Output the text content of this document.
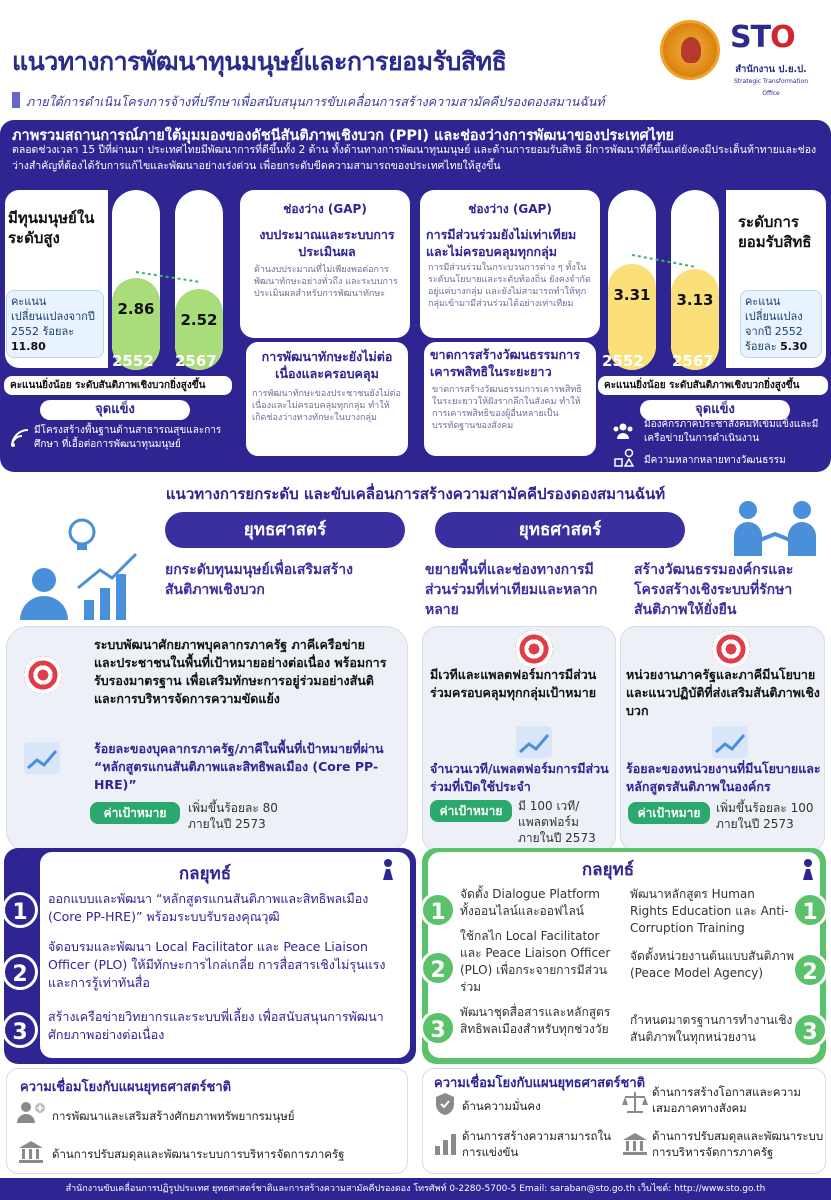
แนวทางการพัฒนาทุนมนุษย์และการยอมรับสิทธิ
ภายใต้การดำเนินโครงการจ้างที่ปรึกษาเพื่อสนับสนุนการขับเคลื่อนการสร้างความสามัคคีปรองดองสมานฉันท์
STO
สำนักงาน ป.ย.ป.
Strategic Transformation Office
ภาพรวมสถานการณ์ภายใต้มุมมองของดัชนีสันติภาพเชิงบวก (PPI) และช่องว่างการพัฒนาของประเทศไทย
ตลอดช่วงเวลา 15 ปีที่ผ่านมา ประเทศไทยมีพัฒนาการที่ดีขึ้นทั้ง 2 ด้าน ทั้งด้านทางการพัฒนาทุนมนุษย์ และด้านการยอมรับสิทธิ มีการพัฒนาที่ดีขึ้นแต่ยังคงมีประเด็นท้าทายและช่องว่างสำคัญที่ต้องได้รับการแก้ไขและพัฒนาอย่างเร่งด่วน เพื่อยกระดับขีดความสามารถของประเทศไทยให้สูงขึ้น
มีทุนมนุษย์ในระดับสูง
คะแนนเปลี่ยนแปลงจากปี 2552 ร้อยละ 11.80
2.86
2.52
2552 2567
คะแนนยิ่งน้อย ระดับสันติภาพเชิงบวกยิ่งสูงขึ้น
จุดแข็ง
มีโครงสร้างพื้นฐานด้านสาธารณสุขและการศึกษา ที่เอื้อต่อการพัฒนาทุนมนุษย์
ช่องว่าง (GAP)
งบประมาณและระบบการประเมินผล
ด้านงบประมาณที่ไม่เพียงพอต่อการพัฒนาทักษะอย่างทั่วถึง และระบบการประเมินผลสำหรับการพัฒนาทักษะ
การพัฒนาทักษะยังไม่ต่อเนื่องและครอบคลุม
การพัฒนาทักษะของประชาชนยังไม่ต่อเนื่องและไม่ครอบคลุมทุกกลุ่ม ทำให้เกิดช่องว่างทางทักษะในบางกลุ่ม
ช่องว่าง (GAP)
การมีส่วนร่วมยังไม่เท่าเทียมและไม่ครอบคลุมทุกกลุ่ม
การมีส่วนร่วมในกระบวนการต่าง ๆ ทั้งในระดับนโยบายและระดับท้องถิ่น ยังคงจำกัดอยู่แค่บางกลุ่ม และยังไม่สามารถทำให้ทุกกลุ่มเข้ามามีส่วนร่วมได้อย่างเท่าเทียม
ขาดการสร้างวัฒนธรรมการเคารพสิทธิในระยะยาว
ขาดการสร้างวัฒนธรรมการเคารพสิทธิในระยะยาวให้ฝังรากลึกในสังคม ทำให้การเคารพสิทธิของผู้อื่นหลายเป็นบรรทัดฐานของสังคม
3.31	3.13
2552 2567
ระดับการยอมรับสิทธิ
คะแนนเปลี่ยนแปลงจากปี 2552 ร้อยละ 5.30
คะแนนยิ่งน้อย ระดับสันติภาพเชิงบวกยิ่งสูงขึ้น
จุดแข็ง
มีองค์กรภาคประชาสังคมที่เข้มแข็งและมีเครือข่ายในการดำเนินงาน
มีความหลากหลายทางวัฒนธรรม
แนวทางการยกระดับ และขับเคลื่อนการสร้างความสามัคคีปรองดองสมานฉันท์
ยุทธศาสตร์	ยุทธศาสตร์
ยกระดับทุนมนุษย์เพื่อเสริมสร้างสันติภาพเชิงบวก
ขยายพื้นที่และช่องทางการมีส่วนร่วมที่เท่าเทียมและหลากหลาย
สร้างวัฒนธรรมองค์กรและโครงสร้างเชิงระบบที่รักษาสันติภาพให้ยั่งยืน
ระบบพัฒนาศักยภาพบุคลากรภาครัฐ ภาคีเครือข่าย และประชาชนในพื้นที่เป้าหมายอย่างต่อเนื่อง พร้อมการรับรองมาตรฐาน เพื่อเสริมทักษะการอยู่ร่วมอย่างสันติและการบริหารจัดการความขัดแย้ง
ร้อยละของบุคลากรภาครัฐ/ภาคีในพื้นที่เป้าหมายที่ผ่าน “หลักสูตรแกนสันติภาพและสิทธิพลเมือง (Core PP-HRE)”
ค่าเป้าหมาย	เพิ่มขึ้นร้อยละ 80 ภายในปี 2573
มีเวทีและแพลตฟอร์มการมีส่วนร่วมครอบคลุมทุกกลุ่มเป้าหมาย
จำนวนเวที/แพลตฟอร์มการมีส่วนร่วมที่เปิดใช้ประจำ
ค่าเป้าหมาย	มี 100 เวที/แพลตฟอร์ม ภายในปี 2573
หน่วยงานภาครัฐและภาคีมีนโยบายและแนวปฏิบัติที่ส่งเสริมสันติภาพเชิงบวก
ร้อยละของหน่วยงานที่มีนโยบายและหลักสูตรสันติภาพในองค์กร
ค่าเป้าหมาย	เพิ่มขึ้นร้อยละ 100 ภายในปี 2573
กลยุทธ์
1
ออกแบบและพัฒนา “หลักสูตรแกนสันติภาพและสิทธิพลเมือง (Core PP-HRE)” พร้อมระบบรับรองคุณวุฒิ
2
จัดอบรมและพัฒนา Local Facilitator และ Peace Liaison Officer (PLO) ให้มีทักษะการไกล่เกลี่ย การสื่อสารเชิงไม่รุนแรง และการรู้เท่าทันสื่อ
3
สร้างเครือข่ายวิทยากรและระบบพี่เลี้ยง เพื่อสนับสนุนการพัฒนาศักยภาพอย่างต่อเนื่อง
กลยุทธ์
1
จัดตั้ง Dialogue Platform ทั้งออนไลน์และออฟไลน์
2
ใช้กลไก Local Facilitator และ Peace Liaison Officer (PLO) เพื่อกระจายการมีส่วนร่วม
3
พัฒนาชุดสื่อสารและหลักสูตรสิทธิพลเมืองสำหรับทุกช่วงวัย
พัฒนาหลักสูตร Human Rights Education และ Anti-Corruption Training
1
จัดตั้งหน่วยงานต้นแบบสันติภาพ (Peace Model Agency)	2
กำหนดมาตรฐานการทำงานเชิงสันติภาพในทุกหน่วยงาน	3
ความเชื่อมโยงกับแผนยุทธศาสตร์ชาติ
การพัฒนาและเสริมสร้างศักยภาพทรัพยากรมนุษย์
ด้านการปรับสมดุลและพัฒนาระบบการบริหารจัดการภาครัฐ
ความเชื่อมโยงกับแผนยุทธศาสตร์ชาติ
ด้านความมั่นคง
ด้านการสร้างความสามารถในการแข่งขัน
ด้านการสร้างโอกาสและความเสมอภาคทางสังคม
ด้านการปรับสมดุลและพัฒนาระบบการบริหารจัดการภาครัฐ
สำนักงานขับเคลื่อนการปฏิรูปประเทศ ยุทธศาสตร์ชาติและการสร้างความสามัคคีปรองดอง โทรศัพท์ 0-2280-5700-5 Email: saraban@sto.go.th เว็บไซต์: http://www.sto.go.th
